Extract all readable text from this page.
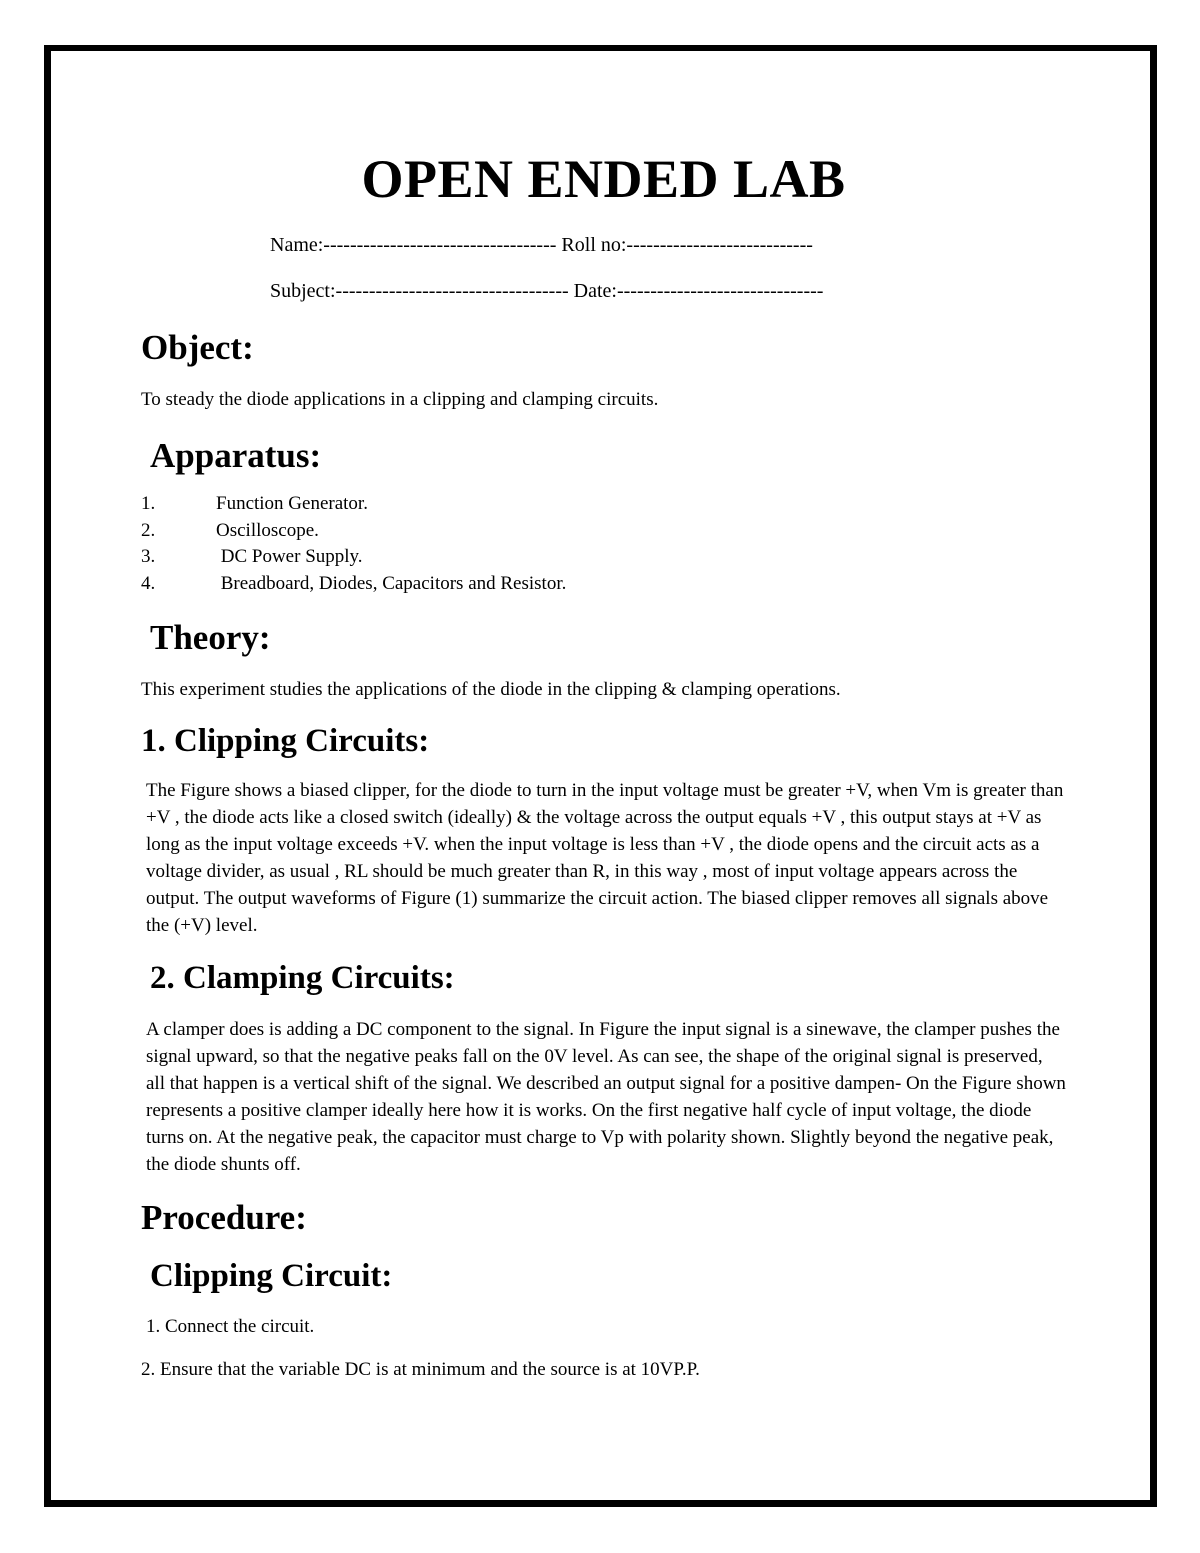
OPEN ENDED LAB
Name:----------------------------------- Roll no:----------------------------
Subject:----------------------------------- Date:-------------------------------
Object:

To steady the diode applications in a clipping and clamping circuits.

Apparatus:
1.	Function Generator.
2.	Oscilloscope.
3.	DC Power Supply.
4.	Breadboard, Diodes, Capacitors and Resistor.
Theory:

This experiment studies the applications of the diode in the clipping & clamping operations.

1. Clipping Circuits:

The Figure shows a biased clipper, for the diode to turn in the input voltage must be greater +V, when Vm is greater than +V , the diode acts like a closed switch (ideally) & the voltage across the output equals +V , this output stays at +V as long as the input voltage exceeds +V. when the input voltage is less than +V , the diode opens and the circuit acts as a voltage divider, as usual , RL should be much greater than R, in this way , most of input voltage appears across the output. The output waveforms of Figure (1) summarize the circuit action. The biased clipper removes all signals above the (+V) level.

2. Clamping Circuits:

A clamper does is adding a DC component to the signal. In Figure the input signal is a sinewave, the clamper pushes the signal upward, so that the negative peaks fall on the 0V level. As can see, the shape of the original signal is preserved, all that happen is a vertical shift of the signal. We described an output signal for a positive dampen- On the Figure shown represents a positive clamper ideally here how it is works. On the first negative half cycle of input voltage, the diode turns on. At the negative peak, the capacitor must charge to Vp with polarity shown. Slightly beyond the negative peak, the diode shunts off.

Procedure:
Clipping Circuit:

1. Connect the circuit.

2. Ensure that the variable DC is at minimum and the source is at 10VP.P.
